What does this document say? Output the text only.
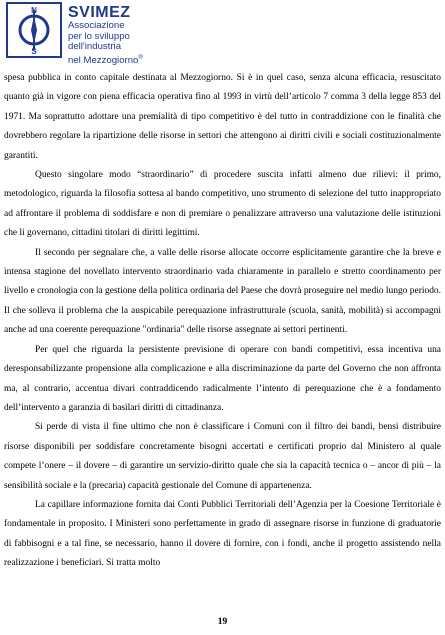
N
S
SVIMEZ
Associazione
per lo sviluppo
dell'industria
nel Mezzogiorno®

spesa pubblica in conto capitale destinata al Mezzogiorno. Si è in quel caso, senza alcuna efficacia, resuscitato quanto già in vigore con piena efficacia operativa fino al 1993 in virtù dell’articolo 7 comma 3 della legge 853 del 1971. Ma soprattutto adottare una premialità di tipo competitivo è del tutto in contraddizione con le finalità che dovrebbero regolare la ripartizione delle risorse in settori che attengono ai diritti civili e sociali costituzionalmente garantiti.

Questo singolare modo “straordinario” di procedere suscita infatti almeno due rilievi: il primo, metodologico, riguarda la filosofia sottesa al bando competitivo, uno strumento di selezione del tutto inappropriato ad affrontare il problema di soddisfare e non di premiare o penalizzare attraverso una valutazione delle istituzioni che li governano, cittadini titolari di diritti legittimi.

Il secondo per segnalare che, a valle delle risorse allocate occorre esplicitamente garantire che la breve e intensa stagione del novellato intervento straordinario vada chiaramente in parallelo e stretto coordinamento per livello e cronologia con la gestione della politica ordinaria del Paese che dovrà proseguire nel medio lungo periodo. Il che solleva il problema che la auspicabile perequazione infrastrutturale (scuola, sanità, mobilità) si accompagni anche ad una coerente perequazione "ordinaria" delle risorse assegnate ai settori pertinenti.

Per quel che riguarda la persistente previsione di operare con bandi competitivi, essa incentiva una deresponsabilizzante propensione alla complicazione e alla discriminazione da parte del Governo che non affronta ma, al contrario, accentua divari contraddicendo radicalmente l’intento di perequazione che è a fondamento dell’intervento a garanzia di basilari diritti di cittadinanza.

Si perde di vista il fine ultimo che non è classificare i Comuni con il filtro dei bandi, bensì distribuire risorse disponibili per soddisfare concretamente bisogni accertati e certificati proprio dal Ministero al quale compete l’onere – il dovere – di garantire un servizio-diritto quale che sia la capacità tecnica o – ancor di più – la sensibilità sociale e la (precaria) capacità gestionale del Comune di appartenenza.

La capillare informazione fornita dai Conti Pubblici Territoriali dell’Agenzia per la Coesione Territoriale è fondamentale in proposito. I Ministeri sono perfettamente in grado di assegnare risorse in funzione di graduatorie di fabbisogni e a tal fine, se necessario, hanno il dovere di fornire, con i fondi, anche il progetto assistendo nella realizzazione i beneficiari. Si tratta molto

19
